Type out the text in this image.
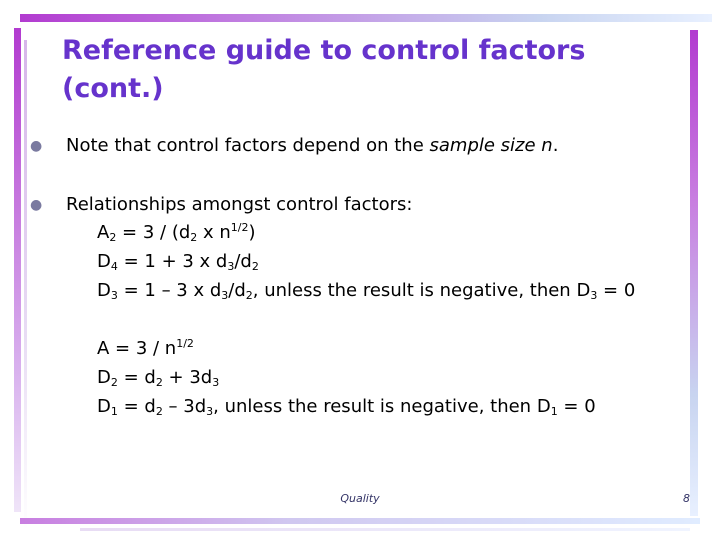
Reference guide to control factors (cont.)
●	Note that control factors depend on the sample size n.
●	Relationships amongst control factors:
$A_2 = 3 / (d_2$ x $n^{1/2}$)
$D_4 = 1 + 3$ x $d_3/d_2$
$D_3 = 1 - 3$ x $d_3/d_2$, unless the result is negative, then $D_3 = 0$
$A = 3 / n^{1/2}$
$D_2 = d_2 + 3d_3$
$D_1 = d_2 - 3d_3$, unless the result is negative, then $D_1 = 0$
Quality	8
